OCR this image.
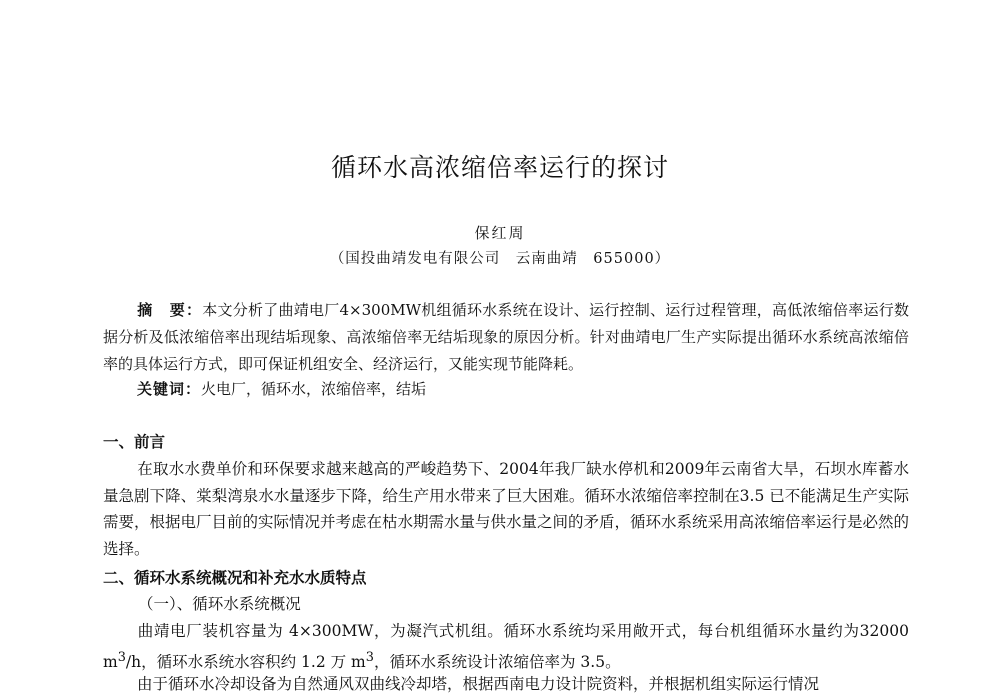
循环水高浓缩倍率运行的探讨
保红周
（国投曲靖发电有限公司　云南曲靖　655000）
摘　要：本文分析了曲靖电厂4×300MW机组循环水系统在设计、运行控制、运行过程管理，高低浓缩倍率运行数据分析及低浓缩倍率出现结垢现象、高浓缩倍率无结垢现象的原因分析。针对曲靖电厂生产实际提出循环水系统高浓缩倍率的具体运行方式，即可保证机组安全、经济运行，又能实现节能降耗。
关键词：火电厂，循环水，浓缩倍率，结垢
一、前言
在取水水费单价和环保要求越来越高的严峻趋势下、2004年我厂缺水停机和2009年云南省大旱，石坝水库蓄水量急剧下降、棠梨湾泉水水量逐步下降，给生产用水带来了巨大困难。循环水浓缩倍率控制在3.5 已不能满足生产实际需要，根据电厂目前的实际情况并考虑在枯水期需水量与供水量之间的矛盾，循环水系统采用高浓缩倍率运行是必然的选择。
二、循环水系统概况和补充水水质特点
（一）、循环水系统概况
曲靖电厂装机容量为 4×300MW，为凝汽式机组。循环水系统均采用敞开式，每台机组循环水量约为32000 $m^3/h$，循环水系统水容积约 1.2 万 $m^3$，循环水系统设计浓缩倍率为 3.5。
由于循环水冷却设备为自然通风双曲线冷却塔，根据西南电力设计院资料，并根据机组实际运行情况
